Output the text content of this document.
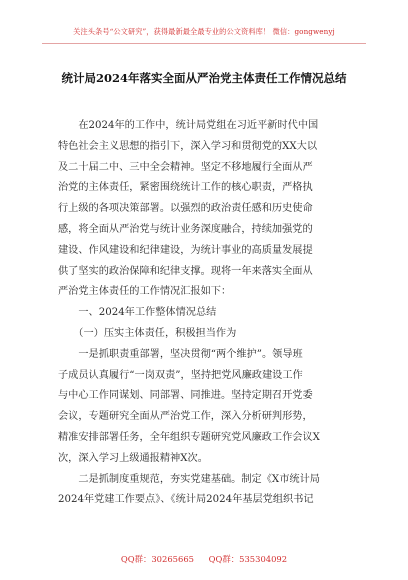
关注头条号“公文研究”，获得最新最全最专业的公文资料库！ 微信：gongwenyj
统计局2024年落实全面从严治党主体责任工作情况总结
　　在2024年的工作中，统计局党组在习近平新时代中国
特色社会主义思想的指引下，深入学习和贯彻党的XX大以
及二十届二中、三中全会精神。坚定不移地履行全面从严
治党的主体责任，紧密围绕统计工作的核心职责，严格执
行上级的各项决策部署。以强烈的政治责任感和历史使命
感，将全面从严治党与统计业务深度融合，持续加强党的
建设、作风建设和纪律建设，为统计事业的高质量发展提
供了坚实的政治保障和纪律支撑。现将一年来落实全面从
严治党主体责任的工作情况汇报如下：
　　一、2024年工作整体情况总结
　　（一）压实主体责任，积极担当作为
　　一是抓职责重部署，坚决贯彻“两个维护”。领导班
子成员认真履行“一岗双责”，坚持把党风廉政建设工作
与中心工作同谋划、同部署、同推进。坚持定期召开党委
会议，专题研究全面从严治党工作，深入分析研判形势，
精准安排部署任务，全年组织专题研究党风廉政工作会议X
次，深入学习上级通报精神X次。
　　二是抓制度重规范，夯实党建基础。制定《X市统计局
2024年党建工作要点》、《统计局2024年基层党组织书记
QQ群：30265665 QQ群：535304092
